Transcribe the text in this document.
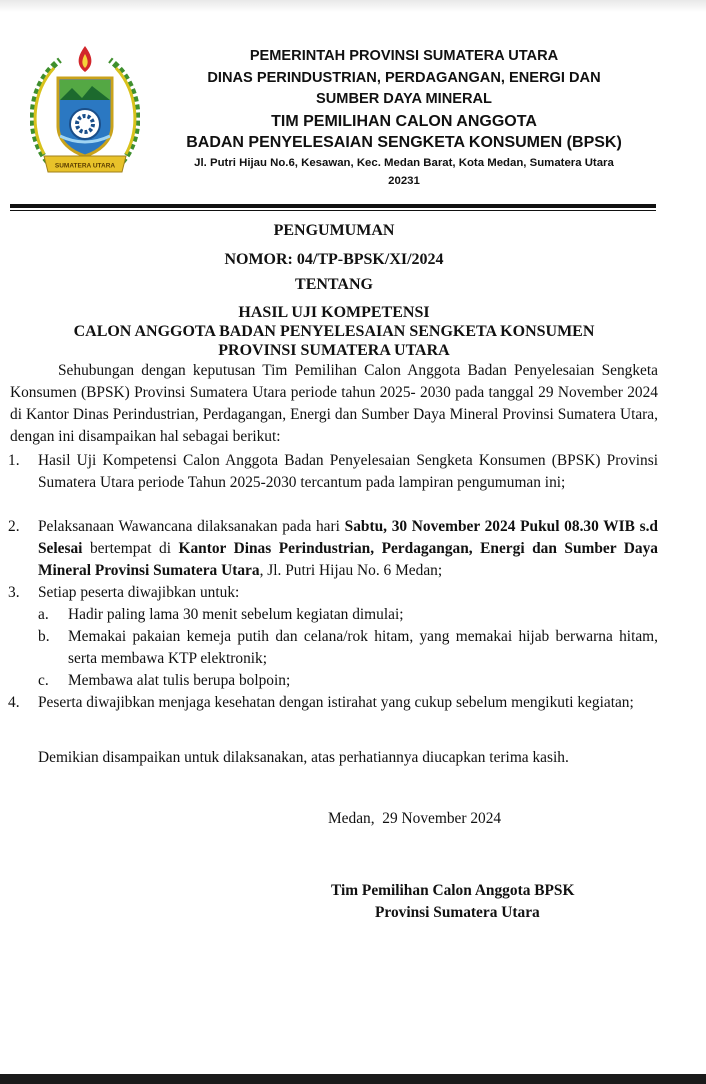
SUMATERA UTARA
PEMERINTAH PROVINSI SUMATERA UTARA
DINAS PERINDUSTRIAN, PERDAGANGAN, ENERGI DAN
SUMBER DAYA MINERAL
TIM PEMILIHAN CALON ANGGOTA
BADAN PENYELESAIAN SENGKETA KONSUMEN (BPSK)
Jl. Putri Hijau No.6, Kesawan, Kec. Medan Barat, Kota Medan, Sumatera Utara
20231
PENGUMUMAN
NOMOR: 04/TP-BPSK/XI/2024
TENTANG
HASIL UJI KOMPETENSI
CALON ANGGOTA BADAN PENYELESAIAN SENGKETA KONSUMEN
PROVINSI SUMATERA UTARA
Sehubungan dengan keputusan Tim Pemilihan Calon Anggota Badan Penyelesaian Sengketa Konsumen (BPSK) Provinsi Sumatera Utara periode tahun 2025- 2030 pada tanggal 29 November 2024 di Kantor Dinas Perindustrian, Perdagangan, Energi dan Sumber Daya Mineral Provinsi Sumatera Utara, dengan ini disampaikan hal sebagai berikut:
1. Hasil Uji Kompetensi Calon Anggota Badan Penyelesaian Sengketa Konsumen (BPSK) Provinsi Sumatera Utara periode Tahun 2025-2030 tercantum pada lampiran pengumuman ini;
2. Pelaksanaan Wawancana dilaksanakan pada hari Sabtu, 30 November 2024 Pukul 08.30 WIB s.d Selesai bertempat di Kantor Dinas Perindustrian, Perdagangan, Energi dan Sumber Daya Mineral Provinsi Sumatera Utara, Jl. Putri Hijau No. 6 Medan;
3. Setiap peserta diwajibkan untuk:
a. Hadir paling lama 30 menit sebelum kegiatan dimulai;
b. Memakai pakaian kemeja putih dan celana/rok hitam, yang memakai hijab berwarna hitam, serta membawa KTP elektronik;
c. Membawa alat tulis berupa bolpoin;
4. Peserta diwajibkan menjaga kesehatan dengan istirahat yang cukup sebelum mengikuti kegiatan;
Demikian disampaikan untuk dilaksanakan, atas perhatiannya diucapkan terima kasih.
Medan,  29 November 2024
Tim Pemilihan Calon Anggota BPSK
Provinsi Sumatera Utara
